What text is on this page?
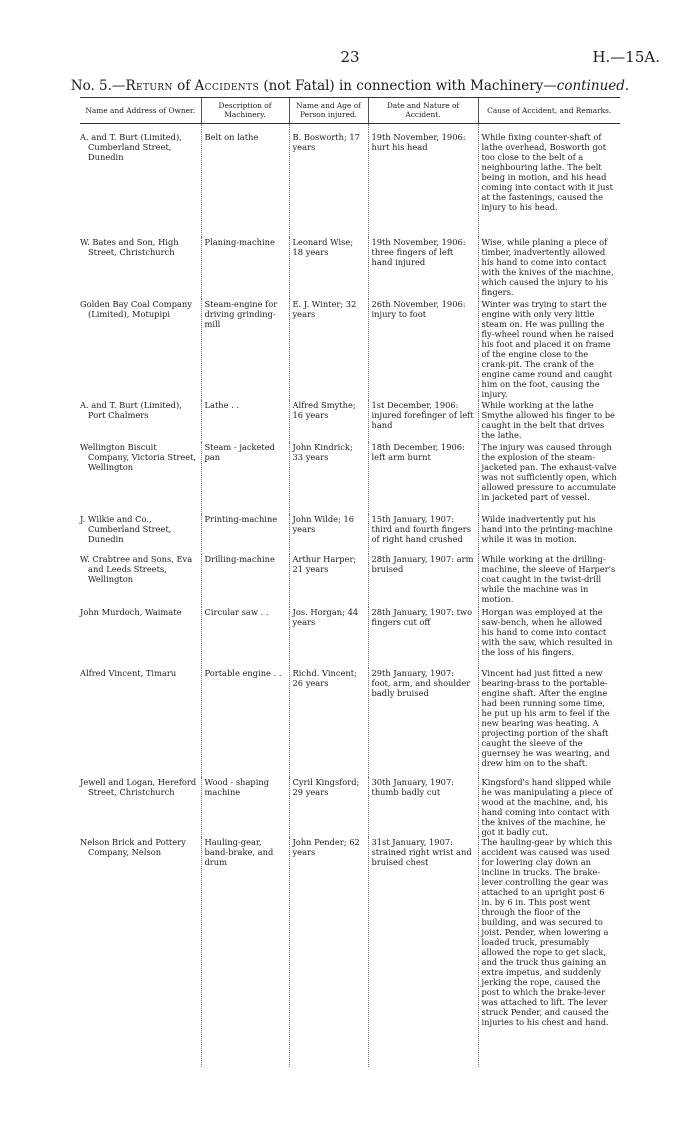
23	H.—15A.
No. 5.—Return of Accidents (not Fatal) in connection with Machinery—continued.
Name and Address of Owner.	Description of Machinery.	Name and Age of Person injured.	Date and Nature of Accident.	Cause of Accident, and Remarks.

A. and T. Burt (Limited), Cumberland Street, Dunedin	Belt on lathe	B. Bosworth; 17 years	19th November, 1906: hurt his head	While fixing counter-shaft of lathe overhead, Bosworth got too close to the belt of a neighbouring lathe. The belt being in motion, and his head coming into contact with it just at the fastenings, caused the injury to his head.

W. Bates and Son, High Street, Christchurch	Planing-machine	Leonard Wise; 18 years	19th November, 1906: three fingers of left hand injured	Wise, while planing a piece of timber, inadvertently allowed his hand to come into contact with the knives of the machine, which caused the injury to his fingers.

Golden Bay Coal Company (Limited), Motupipi	Steam-engine for driving grinding-mill	E. J. Winter; 32 years	26th November, 1906: injury to foot	Winter was trying to start the engine with only very little steam on. He was pulling the fly-wheel round when he raised his foot and placed it on frame of the engine close to the crank-pit. The crank of the engine came round and caught him on the foot, causing the injury.

A. and T. Burt (Limited), Port Chalmers	Lathe . .	Alfred Smythe; 16 years	1st December, 1906: injured forefinger of left hand	While working at the lathe Smythe allowed his finger to be caught in the belt that drives the lathe.

Wellington Biscuit Company, Victoria Street, Wellington	Steam - jacketed pan	John Kindrick; 33 years	18th December, 1906: left arm burnt	The injury was caused through the explosion of the steam-jacketed pan. The exhaust-valve was not sufficiently open, which allowed pressure to accumulate in jacketed part of vessel.

J. Wilkie and Co., Cumberland Street, Dunedin	Printing-machine	John Wilde; 16 years	15th January, 1907: third and fourth fingers of right hand crushed	Wilde inadvertently put his hand into the printing-machine while it was in motion.

W. Crabtree and Sons, Eva and Leeds Streets, Wellington	Drilling-machine	Arthur Harper; 21 years	28th January, 1907: arm bruised	While working at the drilling-machine, the sleeve of Harper's coat caught in the twist-drill while the machine was in motion.

John Murdoch, Waimate	Circular saw . .	Jos. Horgan; 44 years	28th January, 1907: two fingers cut off	Horgan was employed at the saw-bench, when he allowed his hand to come into contact with the saw, which resulted in the loss of his fingers.

Alfred Vincent, Timaru	Portable engine . .	Richd. Vincent; 26 years	29th January, 1907: foot, arm, and shoulder badly bruised	Vincent had just fitted a new bearing-brass to the portable-engine shaft. After the engine had been running some time, he put up his arm to feel if the new bearing was heating. A projecting portion of the shaft caught the sleeve of the guernsey he was wearing, and drew him on to the shaft.

Jewell and Logan, Hereford Street, Christchurch	Wood - shaping machine	Cyril Kingsford; 29 years	30th January, 1907: thumb badly cut	Kingsford's hand slipped while he was manipulating a piece of wood at the machine, and, his hand coming into contact with the knives of the machine, he got it badly cut.

Nelson Brick and Pottery Company, Nelson	Hauling-gear, band-brake, and drum	John Pender; 62 years	31st January, 1907: strained right wrist and bruised chest	The hauling-gear by which this accident was caused was used for lowering clay down an incline in trucks. The brake-lever controlling the gear was attached to an upright post 6 in. by 6 in. This post went through the floor of the building, and was secured to joist. Pender, when lowering a loaded truck, presumably allowed the rope to get slack, and the truck thus gaining an extra impetus, and suddenly jerking the rope, caused the post to which the brake-lever was attached to lift. The lever struck Pender, and caused the injuries to his chest and hand.
